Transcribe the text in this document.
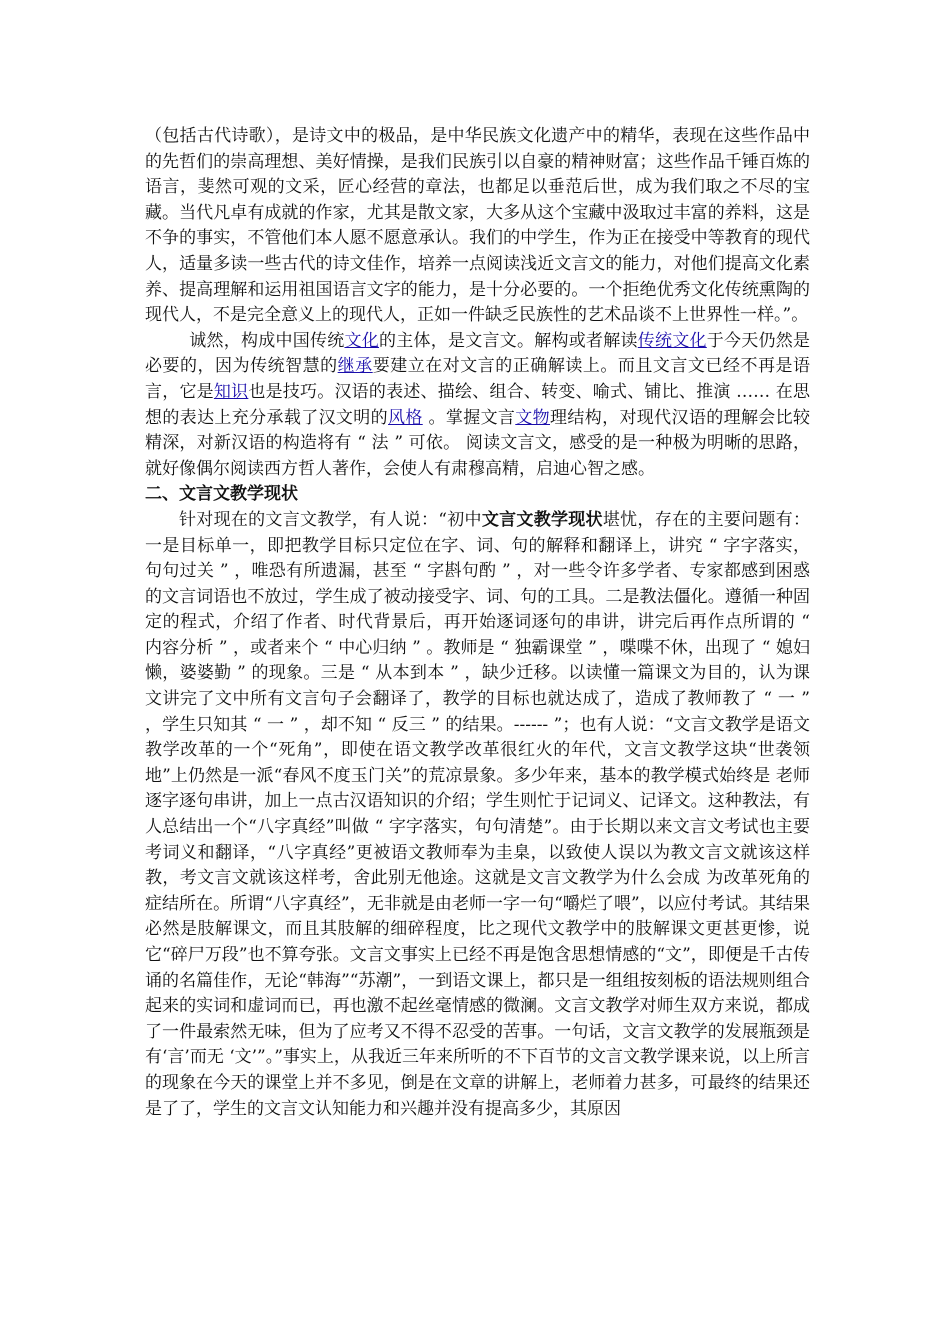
（包括古代诗歌），是诗文中的极品，是中华民族文化遗产中的精华，表现在这些作品中的先哲们的崇高理想、美好情操，是我们民族引以自豪的精神财富；这些作品千锤百炼的语言，斐然可观的文采，匠心经营的章法，也都足以垂范后世，成为我们取之不尽的宝藏。当代凡卓有成就的作家，尤其是散文家，大多从这个宝藏中汲取过丰富的养料，这是不争的事实，不管他们本人愿不愿意承认。我们的中学生，作为正在接受中等教育的现代人，适量多读一些古代的诗文佳作，培养一点阅读浅近文言文的能力，对他们提高文化素养、提高理解和运用祖国语言文字的能力，是十分必要的。一个拒绝优秀文化传统熏陶的现代人，不是完全意义上的现代人，正如一件缺乏民族性的艺术品谈不上世界性一样。”。

诚然，构成中国传统文化的主体，是文言文。解构或者解读传统文化于今天仍然是必要的，因为传统智慧的继承要建立在对文言的正确解读上。而且文言文已经不再是语言，它是知识也是技巧。汉语的表述、描绘、组合、转变、喻式、铺比、推演 …… 在思想的表达上充分承载了汉文明的风格 。掌握文言文物理结构，对现代汉语的理解会比较精深，对新汉语的构造将有 “ 法 ” 可依。 阅读文言文，感受的是一种极为明晰的思路，就好像偶尔阅读西方哲人著作，会使人有肃穆高精，启迪心智之感。

二、文言文教学现状

针对现在的文言文教学，有人说：“初中文言文教学现状堪忧，存在的主要问题有：一是目标单一，即把教学目标只定位在字、词、句的解释和翻译上，讲究 “ 字字落实，句句过关 ” ，唯恐有所遗漏，甚至 “ 字斟句酌 ” ，对一些令许多学者、专家都感到困惑的文言词语也不放过，学生成了被动接受字、词、句的工具。二是教法僵化。遵循一种固定的程式，介绍了作者、时代背景后，再开始逐词逐句的串讲，讲完后再作点所谓的 “ 内容分析 ” ，或者来个 “ 中心归纳 ” 。教师是 “ 独霸课堂 ” ，喋喋不休，出现了 “ 媳妇懒，婆婆勤 ” 的现象。三是 “ 从本到本 ” ，缺少迁移。以读懂一篇课文为目的，认为课文讲完了文中所有文言句子会翻译了，教学的目标也就达成了，造成了教师教了 “ 一 ” ，学生只知其 “ 一 ” ，却不知 “ 反三 ” 的结果。------ ”；也有人说：“文言文教学是语文教学改革的一个“死角”，即使在语文教学改革很红火的年代，文言文教学这块“世袭领地”上仍然是一派“春风不度玉门关”的荒凉景象。多少年来，基本的教学模式始终是 老师逐字逐句串讲，加上一点古汉语知识的介绍；学生则忙于记词义、记译文。这种教法，有人总结出一个“八字真经”叫做 “ 字字落实，句句清楚”。由于长期以来文言文考试也主要考词义和翻译，“八字真经”更被语文教师奉为圭臬，以致使人误以为教文言文就该这样教，考文言文就该这样考，舍此别无他途。这就是文言文教学为什么会成 为改革死角的症结所在。所谓“八字真经”，无非就是由老师一字一句“嚼烂了喂”，以应付考试。其结果必然是肢解课文，而且其肢解的细碎程度，比之现代文教学中的肢解课文更甚更惨，说它“碎尸万段”也不算夸张。文言文事实上已经不再是饱含思想情感的“文”，即便是千古传诵的名篇佳作，无论“韩海”“苏潮”，一到语文课上，都只是一组组按刻板的语法规则组合起来的实词和虚词而已，再也激不起丝毫情感的微澜。文言文教学对师生双方来说，都成了一件最索然无味，但为了应考又不得不忍受的苦事。一句话，文言文教学的发展瓶颈是有‘言’而无 ‘文’”。”事实上，从我近三年来所听的不下百节的文言文教学课来说，以上所言的现象在今天的课堂上并不多见，倒是在文章的讲解上，老师着力甚多，可最终的结果还是了了，学生的文言文认知能力和兴趣并没有提高多少，其原因
